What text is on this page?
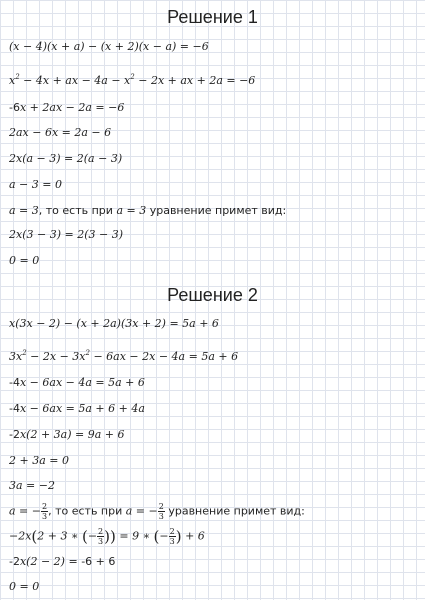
Решение 1
(x − 4)(x + a) − (x + 2)(x − a) = −6
$x^2 - 4x$ + ax − $4a - x^2 - 2x$ + ax + 2a = −6
-6x + 2ax − 2a = −6
2ax − 6x = 2a − 6
2x(a − 3) = 2(a − 3)
a − 3 = 0
a = 3, то есть при a = 3 уравнение примет вид:
2x(3 − 3) = 2(3 − 3)
0 = 0
Решение 2
x(3x − 2) − (x + 2a)(3x + 2) = 5a + 6
$3x^2 - 2x - 3x^2 - 6ax - 2x - 4a = 5a + 6$
-4x − 6ax − 4a = 5a + 6
-4x − 6ax = 5a + 6 + 4a
-2x(2 + 3a) = 9a + 6
2 + 3a = 0
3a = −2
a = − $\frac{2}{3}$ , то есть при a = − $\frac{2}{3}$ уравнение примет вид:
−2x(2 + 3 ∗ (− $\frac{2}{3}$ )) = 9 ∗ (− $\frac{2}{3}$ ) + 6
-2x(2 − 2) = -6 + 6
0 = 0
